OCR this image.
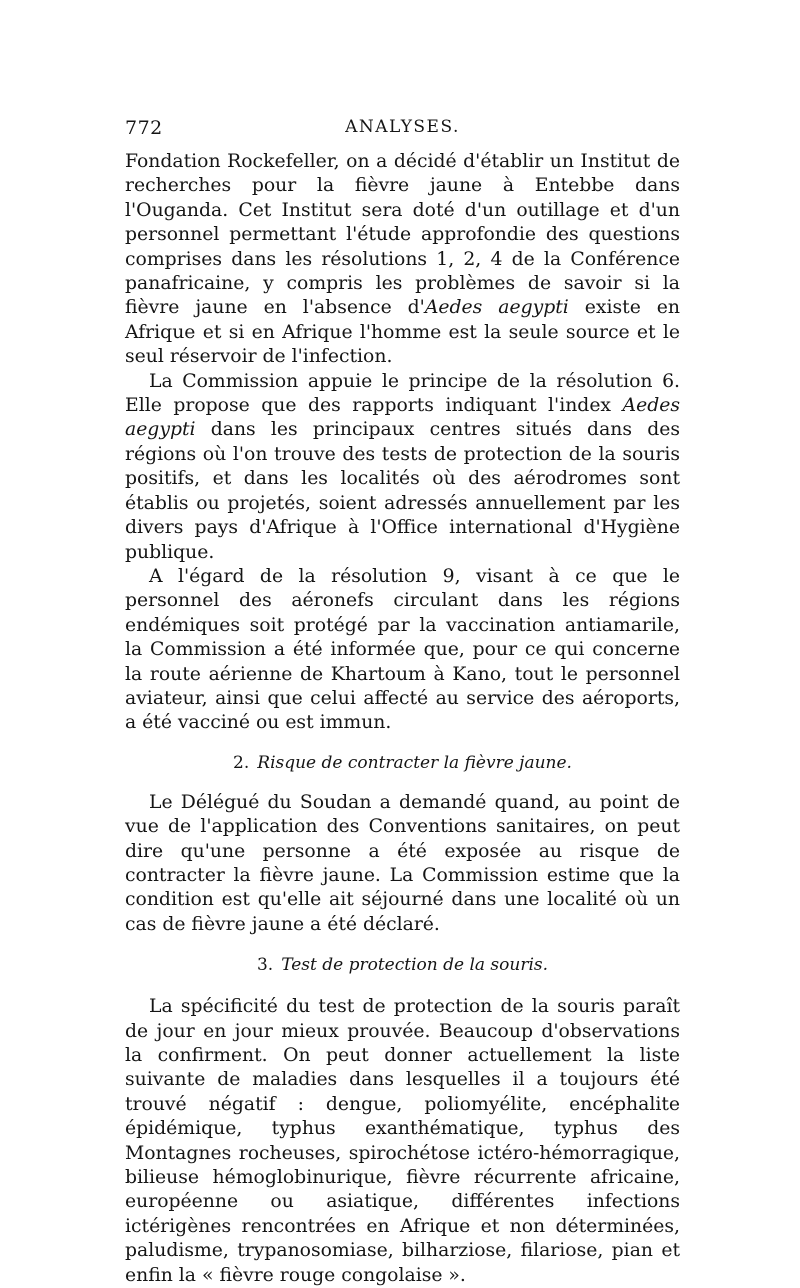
772	ANALYSES.

Fondation Rockefeller, on a décidé d'établir un Institut de recherches pour la fièvre jaune à Entebbe dans l'Ouganda. Cet Institut sera doté d'un outillage et d'un personnel permettant l'étude approfondie des questions comprises dans les résolutions 1, 2, 4 de la Conférence panafricaine, y compris les problèmes de savoir si la fièvre jaune en l'absence d'Aedes aegypti existe en Afrique et si en Afrique l'homme est la seule source et le seul réservoir de l'infection.

La Commission appuie le principe de la résolution 6. Elle propose que des rapports indiquant l'index Aedes aegypti dans les principaux centres situés dans des régions où l'on trouve des tests de protection de la souris positifs, et dans les localités où des aérodromes sont établis ou projetés, soient adressés annuellement par les divers pays d'Afrique à l'Office international d'Hygiène publique.

A l'égard de la résolution 9, visant à ce que le personnel des aéronefs circulant dans les régions endémiques soit protégé par la vaccination antiamarile, la Commission a été informée que, pour ce qui concerne la route aérienne de Khartoum à Kano, tout le personnel aviateur, ainsi que celui affecté au service des aéroports, a été vacciné ou est immun.

2. Risque de contracter la fièvre jaune.

Le Délégué du Soudan a demandé quand, au point de vue de l'application des Conventions sanitaires, on peut dire qu'une personne a été exposée au risque de contracter la fièvre jaune. La Commission estime que la condition est qu'elle ait séjourné dans une localité où un cas de fièvre jaune a été déclaré.

3. Test de protection de la souris.

La spécificité du test de protection de la souris paraît de jour en jour mieux prouvée. Beaucoup d'observations la confirment. On peut donner actuellement la liste suivante de maladies dans lesquelles il a toujours été trouvé négatif : dengue, poliomyélite, encéphalite épidémique, typhus exanthématique, typhus des Montagnes rocheuses, spirochétose ictéro-hémorragique, bilieuse hémoglobinurique, fièvre récurrente africaine, européenne ou asiatique, différentes infections ictérigènes rencontrées en Afrique et non déterminées, paludisme, trypanosomiase, bilharziose, filariose, pian et enfin la « fièvre rouge congolaise ».
